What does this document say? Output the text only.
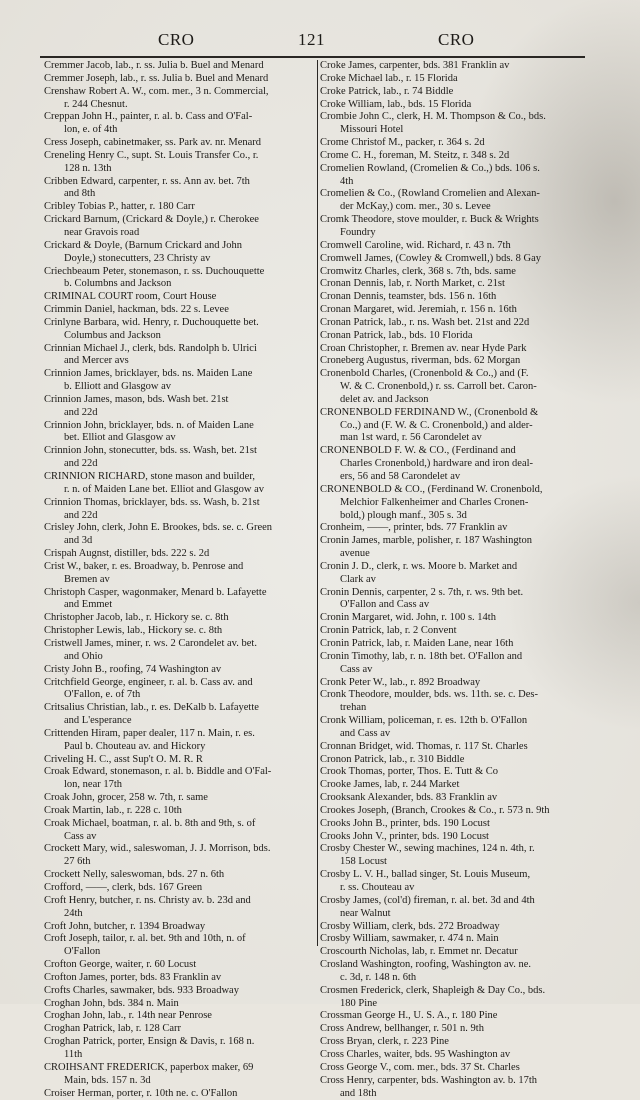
CRO	121	CRO
Cremmer Jacob, lab., r. ss. Julia b. Buel and Menard
Cremmer Joseph, lab., r. ss. Julia b. Buel and Menard
Crenshaw Robert A. W., com. mer., 3 n. Commercial,
r. 244 Chesnut.
Creppan John H., painter, r. al. b. Cass and O'Fal-
lon, e. of 4th
Cress Joseph, cabinetmaker, ss. Park av. nr. Menard
Creneling Henry C., supt. St. Louis Transfer Co., r.
128 n. 13th
Cribben Edward, carpenter, r. ss. Ann av. bet. 7th
and 8th
Cribley Tobias P., hatter, r. 180 Carr
Crickard Barnum, (Crickard & Doyle,) r. Cherokee
near Gravois road
Crickard & Doyle, (Barnum Crickard and John
Doyle,) stonecutters, 23 Christy av
Criechbeaum Peter, stonemason, r. ss. Duchouquette
b. Columbns and Jackson
CRIMINAL COURT room, Court House
Crimmin Daniel, hackman, bds. 22 s. Levee
Crinlyne Barbara, wid. Henry, r. Duchouquette bet.
Columbus and Jackson
Crinnian Michael J., clerk, bds. Randolph b. Ulrici
and Mercer avs
Crinnion James, bricklayer, bds. ns. Maiden Lane
b. Elliott and Glasgow av
Crinnion James, mason, bds. Wash bet. 21st
and 22d
Crinnion John, bricklayer, bds. n. of Maiden Lane
bet. Elliot and Glasgow av
Crinnion John, stonecutter, bds. ss. Wash, bet. 21st
and 22d
CRINNION RICHARD, stone mason and builder,
r. n. of Maiden Lane bet. Elliot and Glasgow av
Crinnion Thomas, bricklayer, bds. ss. Wash, b. 21st
and 22d
Crisley John, clerk, John E. Brookes, bds. se. c. Green
and 3d
Crispah Augnst, distiller, bds. 222 s. 2d
Crist W., baker, r. es. Broadway, b. Penrose and
Bremen av
Christoph Casper, wagonmaker, Menard b. Lafayette
and Emmet
Christopher Jacob, lab., r. Hickory se. c. 8th
Christopher Lewis, lab., Hickory se. c. 8th
Cristwell James, miner, r. ws. 2 Carondelet av. bet.
and Ohio
Cristy John B., roofing, 74 Washington av
Critchfield George, engineer, r. al. b. Cass av. and
O'Fallon, e. of 7th
Critsalius Christian, lab., r. es. DeKalb b. Lafayette
and L'esperance
Crittenden Hiram, paper dealer, 117 n. Main, r. es.
Paul b. Chouteau av. and Hickory
Criveling H. C., asst Sup't O. M. R. R
Croak Edward, stonemason, r. al. b. Biddle and O'Fal-
lon, near 17th
Croak John, grocer, 258 w. 7th, r. same
Croak Martin, lab., r. 228 c. 10th
Croak Michael, boatman, r. al. b. 8th and 9th, s. of
Cass av
Crockett Mary, wid., saleswoman, J. J. Morrison, bds.
27 6th
Crockett Nelly, saleswoman, bds. 27 n. 6th
Crofford, ——, clerk, bds. 167 Green
Croft Henry, butcher, r. ns. Christy av. b. 23d and
24th
Croft John, butcher, r. 1394 Broadway
Croft Joseph, tailor, r. al. bet. 9th and 10th, n. of
O'Fallon
Crofton George, waiter, r. 60 Locust
Crofton James, porter, bds. 83 Franklin av
Crofts Charles, sawmaker, bds. 933 Broadway
Croghan John, bds. 384 n. Main
Croghan John, lab., r. 14th near Penrose
Croghan Patrick, lab, r. 128 Carr
Croghan Patrick, porter, Ensign & Davis, r. 168 n.
11th
CROIHSANT FREDERICK, paperbox maker, 69
Main, bds. 157 n. 3d
Croiser Herman, porter, r. 10th ne. c. O'Fallon
Croke James, carpenter, bds. 381 Franklin av
Croke Michael lab., r. 15 Florida
Croke Patrick, lab., r. 74 Biddle
Croke William, lab., bds. 15 Florida
Crombie John C., clerk, H. M. Thompson & Co., bds.
Missouri Hotel
Crome Christof M., packer, r. 364 s. 2d
Crome C. H., foreman, M. Steitz, r. 348 s. 2d
Cromelien Rowland, (Cromelien & Co.,) bds. 106 s.
4th
Cromelien & Co., (Rowland Cromelien and Alexan-
der McKay,) com. mer., 30 s. Levee
Cromk Theodore, stove moulder, r. Buck & Wrights
Foundry
Cromwell Caroline, wid. Richard, r. 43 n. 7th
Cromwell James, (Cowley & Cromwell,) bds. 8 Gay
Cromwitz Charles, clerk, 368 s. 7th, bds. same
Cronan Dennis, lab, r. North Market, c. 21st
Cronan Dennis, teamster, bds. 156 n. 16th
Cronan Margaret, wid. Jeremiah, r. 156 n. 16th
Cronan Patrick, lab., r. ns. Wash bet. 21st and 22d
Cronan Patrick, lab., bds. 10 Florida
Croan Christopher, r. Bremen av. near Hyde Park
Croneberg Augustus, riverman, bds. 62 Morgan
Cronenbold Charles, (Cronenbold & Co.,) and (F.
W. & C. Cronenbold,) r. ss. Carroll bet. Caron-
delet av. and Jackson
CRONENBOLD FERDINAND W., (Cronenbold &
Co.,) and (F. W. & C. Cronenbold,) and alder-
man 1st ward, r. 56 Carondelet av
CRONENBOLD F. W. & CO., (Ferdinand and
Charles Cronenbold,) hardware and iron deal-
ers, 56 and 58 Carondelet av
CRONENBOLD & CO., (Ferdinand W. Cronenbold,
Melchior Falkenheimer and Charles Cronen-
bold,) plough manf., 305 s. 3d
Cronheim, ——, printer, bds. 77 Franklin av
Cronin James, marble, polisher, r. 187 Washington
avenue
Cronin J. D., clerk, r. ws. Moore b. Market and
Clark av
Cronin Dennis, carpenter, 2 s. 7th, r. ws. 9th bet.
O'Fallon and Cass av
Cronin Margaret, wid. John, r. 100 s. 14th
Cronin Patrick, lab, r. 2 Convent
Cronin Patrick, lab, r. Maiden Lane, near 16th
Cronin Timothy, lab, r. n. 18th bet. O'Fallon and
Cass av
Cronk Peter W., lab., r. 892 Broadway
Cronk Theodore, moulder, bds. ws. 11th. se. c. Des-
trehan
Cronk William, policeman, r. es. 12th b. O'Fallon
and Cass av
Cronnan Bridget, wid. Thomas, r. 117 St. Charles
Cronon Patrick, lab., r. 310 Biddle
Crook Thomas, porter, Thos. E. Tutt & Co
Crooke James, lab, r. 244 Market
Crooksank Alexander, bds. 83 Franklin av
Crookes Joseph, (Branch, Crookes & Co., r. 573 n. 9th
Crooks John B., printer, bds. 190 Locust
Crooks John V., printer, bds. 190 Locust
Crosby Chester W., sewing machines, 124 n. 4th, r.
158 Locust
Crosby L. V. H., ballad singer, St. Louis Museum,
r. ss. Chouteau av
Crosby James, (col'd) fireman, r. al. bet. 3d and 4th
near Walnut
Crosby William, clerk, bds. 272 Broadway
Crosby William, sawmaker, r. 474 n. Main
Croscourth Nicholas, lab, r. Emmet nr. Decatur
Crosland Washington, roofing, Washington av. ne.
c. 3d, r. 148 n. 6th
Crosmen Frederick, clerk, Shapleigh & Day Co., bds.
180 Pine
Crossman George H., U. S. A., r. 180 Pine
Cross Andrew, bellhanger, r. 501 n. 9th
Cross Bryan, clerk, r. 223 Pine
Cross Charles, waiter, bds. 95 Washington av
Cross George V., com. mer., bds. 37 St. Charles
Cross Henry, carpenter, bds. Washington av. b. 17th
and 18th
